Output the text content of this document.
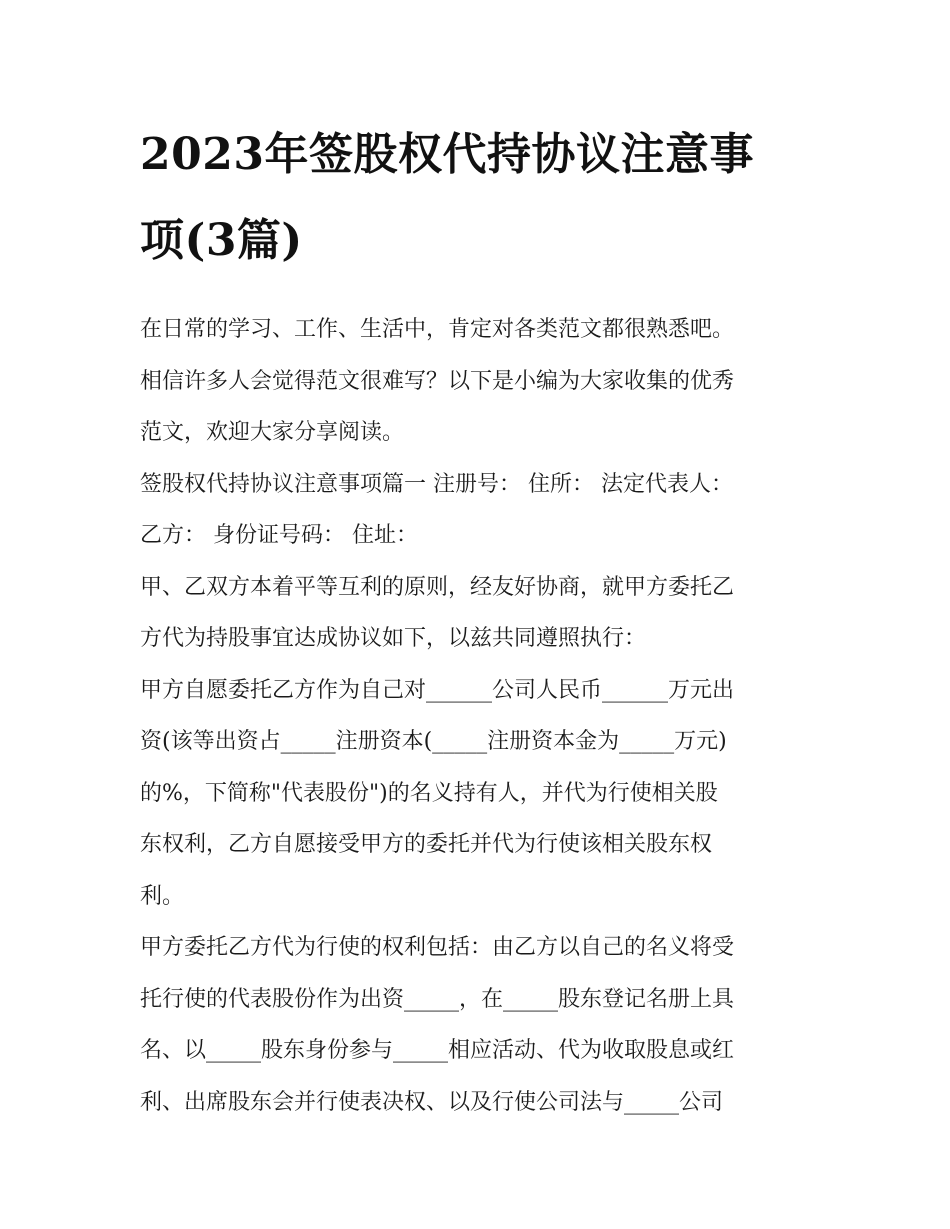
2023年签股权代持协议注意事
项(3篇)

在日常的学习、工作、生活中，肯定对各类范文都很熟悉吧。
相信许多人会觉得范文很难写？以下是小编为大家收集的优秀
范文，欢迎大家分享阅读。

签股权代持协议注意事项篇一 注册号： 住所： 法定代表人：
乙方： 身份证号码： 住址：

甲、乙双方本着平等互利的原则，经友好协商，就甲方委托乙
方代为持股事宜达成协议如下，以兹共同遵照执行：

甲方自愿委托乙方作为自己对______公司人民币______万元出
资(该等出资占_____注册资本(_____注册资本金为_____万元)
的%，下简称"代表股份")的名义持有人，并代为行使相关股
东权利，乙方自愿接受甲方的委托并代为行使该相关股东权
利。

甲方委托乙方代为行使的权利包括：由乙方以自己的名义将受
托行使的代表股份作为出资_____，在_____股东登记名册上具
名、以_____股东身份参与_____相应活动、代为收取股息或红
利、出席股东会并行使表决权、以及行使公司法与_____公司
